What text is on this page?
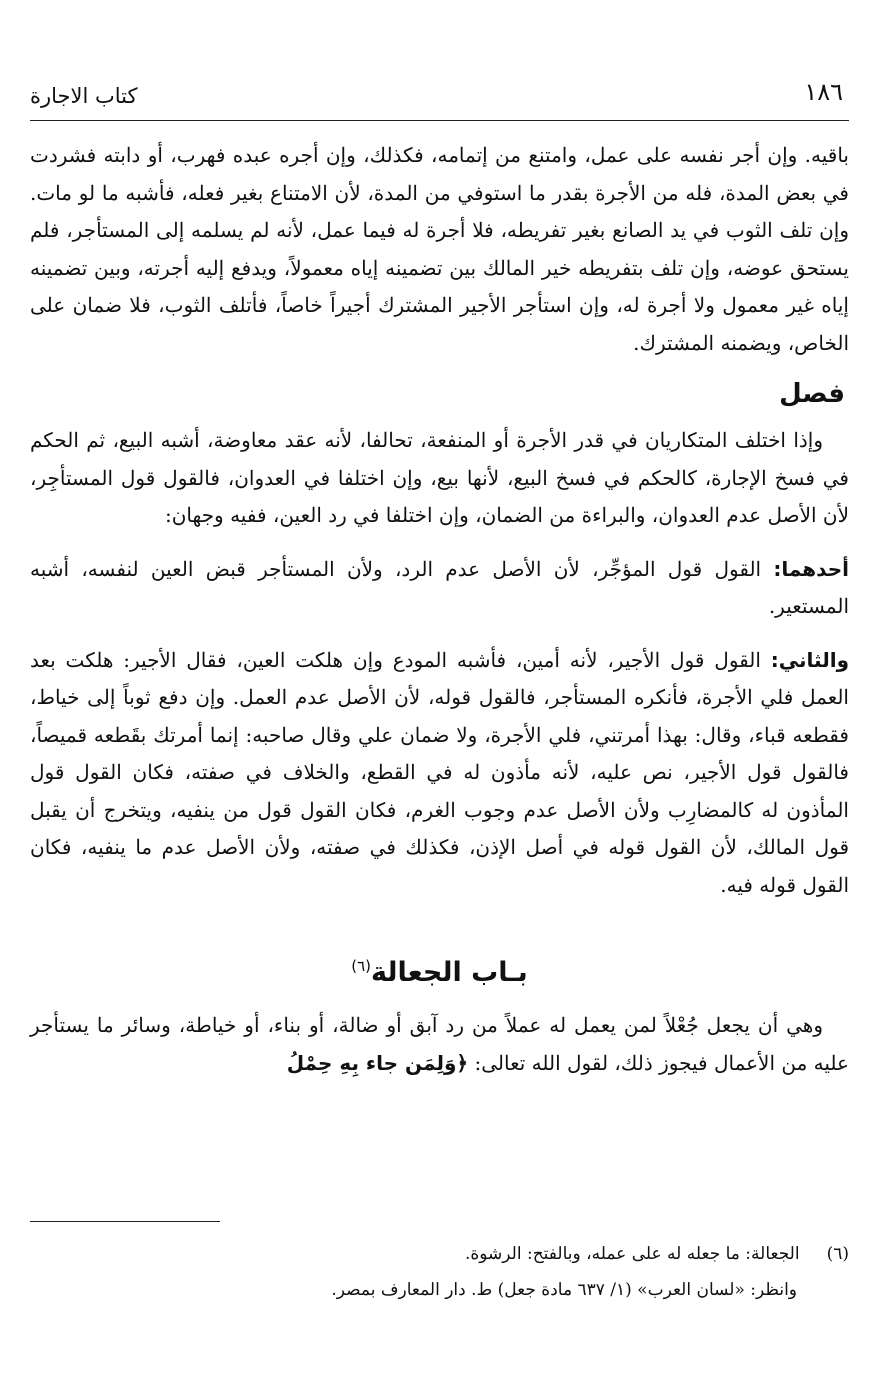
١٨٦
كتاب الاجارة

باقيه. وإن أجر نفسه على عمل، وامتنع من إتمامه، فكذلك، وإن أجره عبده فهرب، أو دابته فشردت في بعض المدة، فله من الأجرة بقدر ما استوفي من المدة، لأن الامتناع بغير فعله، فأشبه ما لو مات. وإن تلف الثوب في يد الصانع بغير تفريطه، فلا أجرة له فيما عمل، لأنه لم يسلمه إلى المستأجر، فلم يستحق عوضه، وإن تلف بتفريطه خير المالك بين تضمينه إياه معمولاً، ويدفع إليه أجرته، وبين تضمينه إياه غير معمول ولا أجرة له، وإن استأجر الأجير المشترك أجيراً خاصاً، فأتلف الثوب، فلا ضمان على الخاص، ويضمنه المشترك.

فصل

وإذا اختلف المتكاريان في قدر الأجرة أو المنفعة، تحالفا، لأنه عقد معاوضة، أشبه البيع، ثم الحكم في فسخ الإجارة، كالحكم في فسخ البيع، لأنها بيع، وإن اختلفا في العدوان، فالقول قول المستأجِر، لأن الأصل عدم العدوان، والبراءة من الضمان، وإن اختلفا في رد العين، ففيه وجهان:

أحدهما: القول قول المؤجِّر، لأن الأصل عدم الرد، ولأن المستأجر قبض العين لنفسه، أشبه المستعير.

والثاني: القول قول الأجير، لأنه أمين، فأشبه المودع وإن هلكت العين، فقال الأجير: هلكت بعد العمل فلي الأجرة، فأنكره المستأجر، فالقول قوله، لأن الأصل عدم العمل. وإن دفع ثوباً إلى خياط، فقطعه قباء، وقال: بهذا أمرتني، فلي الأجرة، ولا ضمان علي وقال صاحبه: إنما أمرتك بقَطعه قميصاً، فالقول قول الأجير، نص عليه، لأنه مأذون له في القطع، والخلاف في صفته، فكان القول قول المأذون له كالمضارِب ولأن الأصل عدم وجوب الغرم، فكان القول قول من ينفيه، ويتخرج أن يقبل قول المالك، لأن القول قوله في أصل الإذن، فكذلك في صفته، ولأن الأصل عدم ما ينفيه، فكان القول قوله فيه.

بـاب الجعالة$^{(٦)}$

وهي أن يجعل جُعْلاً لمن يعمل له عملاً من رد آبق أو ضالة، أو بناء، أو خياطة، وسائر ما يستأجر عليه من الأعمال فيجوز ذلك، لقول الله تعالى: ﴿وَلِمَن جاء بِهِ حِمْلُ

(٦) الجعالة: ما جعله له على عمله، وبالفتح: الرشوة.
وانظر: «لسان العرب» (١/ ٦٣٧ مادة جعل) ط. دار المعارف بمصر.
